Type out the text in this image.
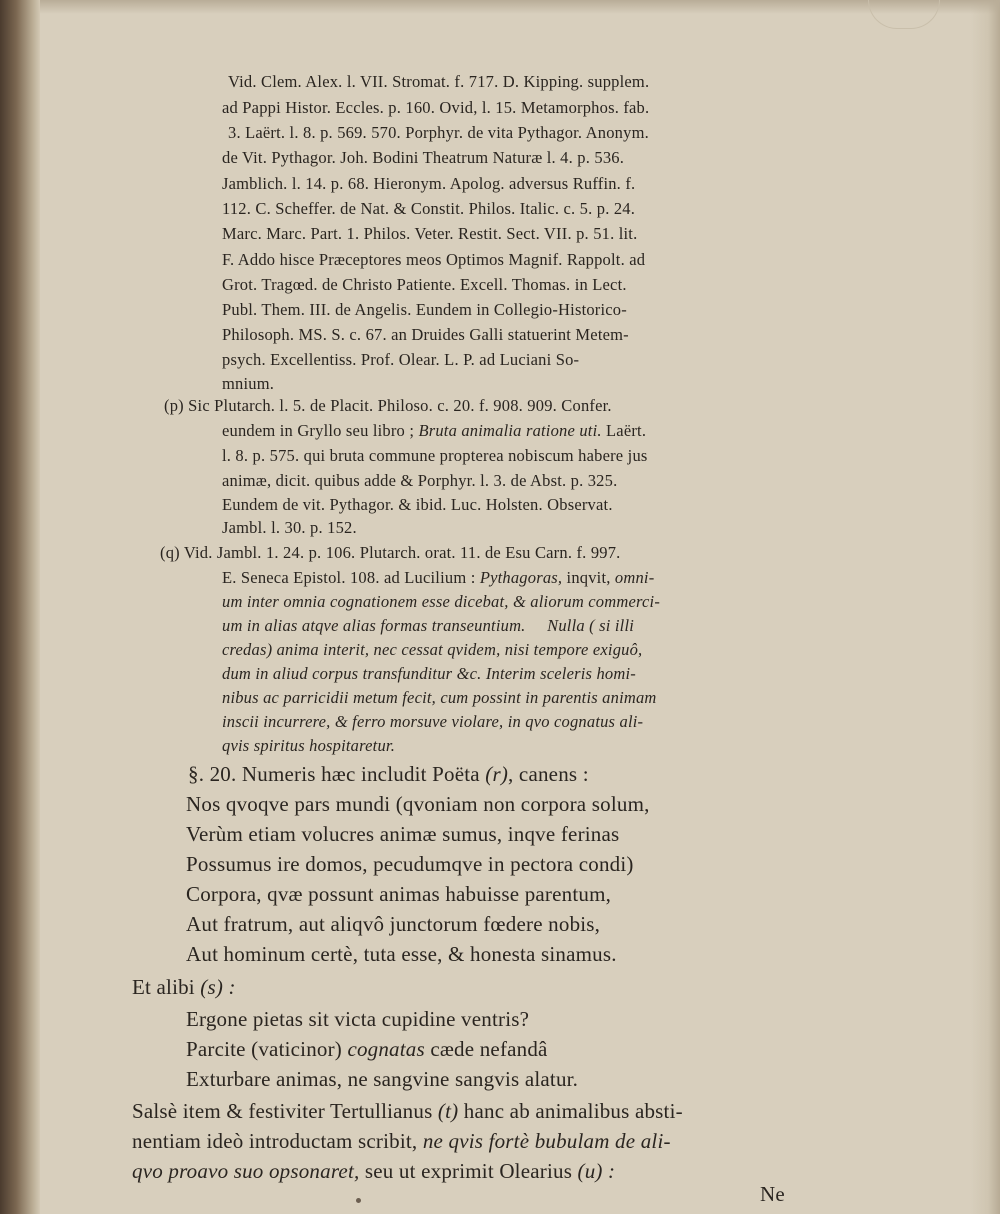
Vid. Clem. Alex. l. VII. Stromat. f. 717. D. Kipping. supplem.
ad Pappi Histor. Eccles. p. 160. Ovid, l. 15. Metamorphos. fab.
3. Laërt. l. 8. p. 569. 570. Porphyr. de vita Pythagor. Anonym.
de Vit. Pythagor. Joh. Bodini Theatrum Naturæ l. 4. p. 536.
Jamblich. l. 14. p. 68. Hieronym. Apolog. adversus Ruffin. f.
112. C. Scheffer. de Nat. & Constit. Philos. Italic. c. 5. p. 24.
Marc. Marc. Part. 1. Philos. Veter. Restit. Sect. VII. p. 51. lit.
F. Addo hisce Præceptores meos Optimos Magnif. Rappolt. ad
Grot. Tragœd. de Christo Patiente. Excell. Thomas. in Lect.
Publ. Them. III. de Angelis. Eundem in Collegio-Historico-
Philosoph. MS. S. c. 67. an Druides Galli statuerint Metem-
psych. Excellentiss. Prof. Olear. L. P. ad Luciani So-
mnium.
(p) Sic Plutarch. l. 5. de Placit. Philoso. c. 20. f. 908. 909. Confer.
eundem in Gryllo seu libro ; Bruta animalia ratione uti. Laërt.
l. 8. p. 575. qui bruta commune propterea nobiscum habere jus
animæ, dicit. quibus adde & Porphyr. l. 3. de Abst. p. 325.
Eundem de vit. Pythagor. & ibid. Luc. Holsten. Observat.
Jambl. l. 30. p. 152.
(q) Vid. Jambl. 1. 24. p. 106. Plutarch. orat. 11. de Esu Carn. f. 997.
E. Seneca Epistol. 108. ad Lucilium : Pythagoras, inqvit, omni-
um inter omnia cognationem esse dicebat, & aliorum commerci-
um in alias atqve alias formas transeuntium. Nulla ( si illi
credas) anima interit, nec cessat qvidem, nisi tempore exiguô,
dum in aliud corpus transfunditur &c. Interim sceleris homi-
nibus ac parricidii metum fecit, cum possint in parentis animam
inscii incurrere, & ferro morsuve violare, in qvo cognatus ali-
qvis spiritus hospitaretur.
§. 20. Numeris hæc includit Poëta (r), canens :
Nos qvoqve pars mundi (qvoniam non corpora solum,
Verùm etiam volucres animæ sumus, inqve ferinas
Possumus ire domos, pecudumqve in pectora condi)
Corpora, qvæ possunt animas habuisse parentum,
Aut fratrum, aut aliqvô junctorum fœdere nobis,
Aut hominum certè, tuta esse, & honesta sinamus.
Et alibi (s) :
Ergone pietas sit victa cupidine ventris?
Parcite (vaticinor) cognatas cæde nefandâ
Exturbare animas, ne sangvine sangvis alatur.
Salsè item & festiviter Tertullianus (t) hanc ab animalibus absti-
nentiam ideò introductam scribit, ne qvis fortè bubulam de ali-
qvo proavo suo opsonaret, seu ut exprimit Olearius (u) :
Ne
